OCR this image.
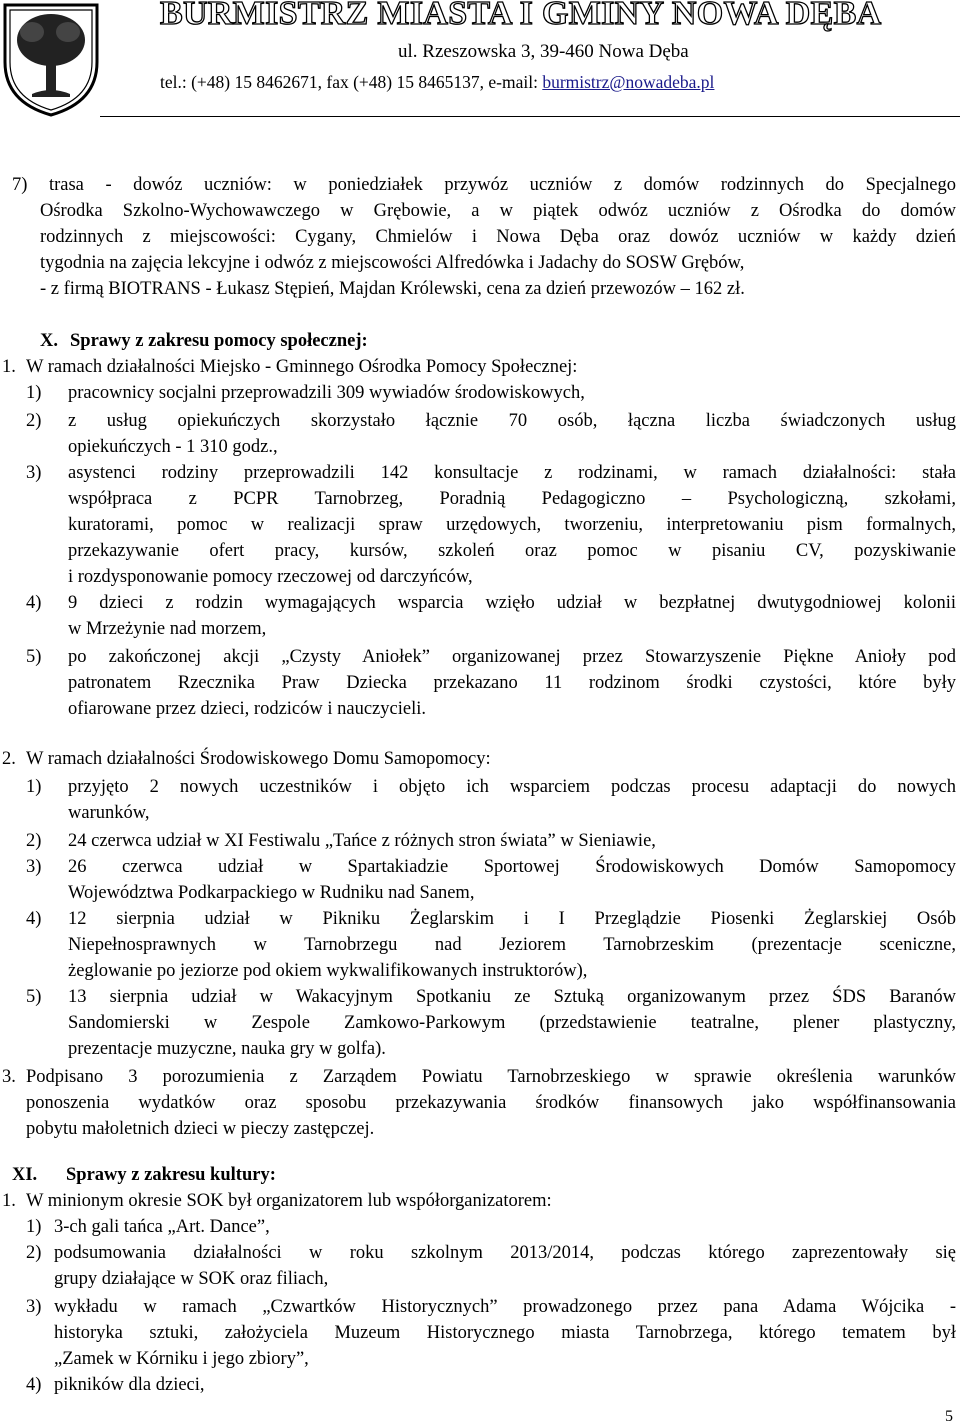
BURMISTRZ MIASTA I GMINY NOWA DĘBA
ul. Rzeszowska 3, 39-460 Nowa Dęba
tel.: (+48) 15 8462671, fax (+48) 15 8465137, e-mail: burmistrz@nowadeba.pl
7) trasa - dowóz uczniów: w poniedziałek przywóz uczniów z domów rodzinnych do Specjalnego
Ośrodka Szkolno-Wychowawczego w Grębowie, a w piątek odwóz uczniów z Ośrodka do domów
rodzinnych z miejscowości: Cygany, Chmielów i Nowa Dęba oraz dowóz uczniów w każdy dzień
tygodnia na zajęcia lekcyjne i odwóz z miejscowości Alfredówka i Jadachy do SOSW Grębów,
- z firmą BIOTRANS - Łukasz Stępień, Majdan Królewski, cena za dzień przewozów – 162 zł.
X. Sprawy z zakresu pomocy społecznej:
1. W ramach działalności Miejsko - Gminnego Ośrodka Pomocy Społecznej:
1) pracownicy socjalni przeprowadzili 309 wywiadów środowiskowych,
2) z usług opiekuńczych skorzystało łącznie 70 osób, łączna liczba świadczonych usług
opiekuńczych - 1 310 godz.,
3) asystenci rodziny przeprowadzili 142 konsultacje z rodzinami, w ramach działalności: stała
współpraca z PCPR Tarnobrzeg, Poradnią Pedagogiczno – Psychologiczną, szkołami,
kuratorami, pomoc w realizacji spraw urzędowych, tworzeniu, interpretowaniu pism formalnych,
przekazywanie ofert pracy, kursów, szkoleń oraz pomoc w pisaniu CV, pozyskiwanie
i rozdysponowanie pomocy rzeczowej od darczyńców,
4) 9 dzieci z rodzin wymagających wsparcia wzięło udział w bezpłatnej dwutygodniowej kolonii
w Mrzeżynie nad morzem,
5) po zakończonej akcji „Czysty Aniołek” organizowanej przez Stowarzyszenie Piękne Anioły pod
patronatem Rzecznika Praw Dziecka przekazano 11 rodzinom środki czystości, które były
ofiarowane przez dzieci, rodziców i nauczycieli.
2. W ramach działalności Środowiskowego Domu Samopomocy:
1) przyjęto 2 nowych uczestników i objęto ich wsparciem podczas procesu adaptacji do nowych
warunków,
2) 24 czerwca udział w XI Festiwalu „Tańce z różnych stron świata” w Sieniawie,
3) 26 czerwca udział w Spartakiadzie Sportowej Środowiskowych Domów Samopomocy
Województwa Podkarpackiego w Rudniku nad Sanem,
4) 12 sierpnia udział w Pikniku Żeglarskim i I Przeglądzie Piosenki Żeglarskiej Osób
Niepełnosprawnych w Tarnobrzegu nad Jeziorem Tarnobrzeskim (prezentacje sceniczne,
żeglowanie po jeziorze pod okiem wykwalifikowanych instruktorów),
5) 13 sierpnia udział w Wakacyjnym Spotkaniu ze Sztuką organizowanym przez ŚDS Baranów
Sandomierski w Zespole Zamkowo-Parkowym (przedstawienie teatralne, plener plastyczny,
prezentacje muzyczne, nauka gry w golfa).
3. Podpisano 3 porozumienia z Zarządem Powiatu Tarnobrzeskiego w sprawie określenia warunków
ponoszenia wydatków oraz sposobu przekazywania środków finansowych jako współfinansowania
pobytu małoletnich dzieci w pieczy zastępczej.
XI. Sprawy z zakresu kultury:
1. W minionym okresie SOK był organizatorem lub współorganizatorem:
1) 3-ch gali tańca „Art. Dance”,
2) podsumowania działalności w roku szkolnym 2013/2014, podczas którego zaprezentowały się
grupy działające w SOK oraz filiach,
3) wykładu w ramach „Czwartków Historycznych” prowadzonego przez pana Adama Wójcika -
historyka sztuki, założyciela Muzeum Historycznego miasta Tarnobrzega, którego tematem był
„Zamek w Kórniku i jego zbiory”,
4) pikników dla dzieci,
5
